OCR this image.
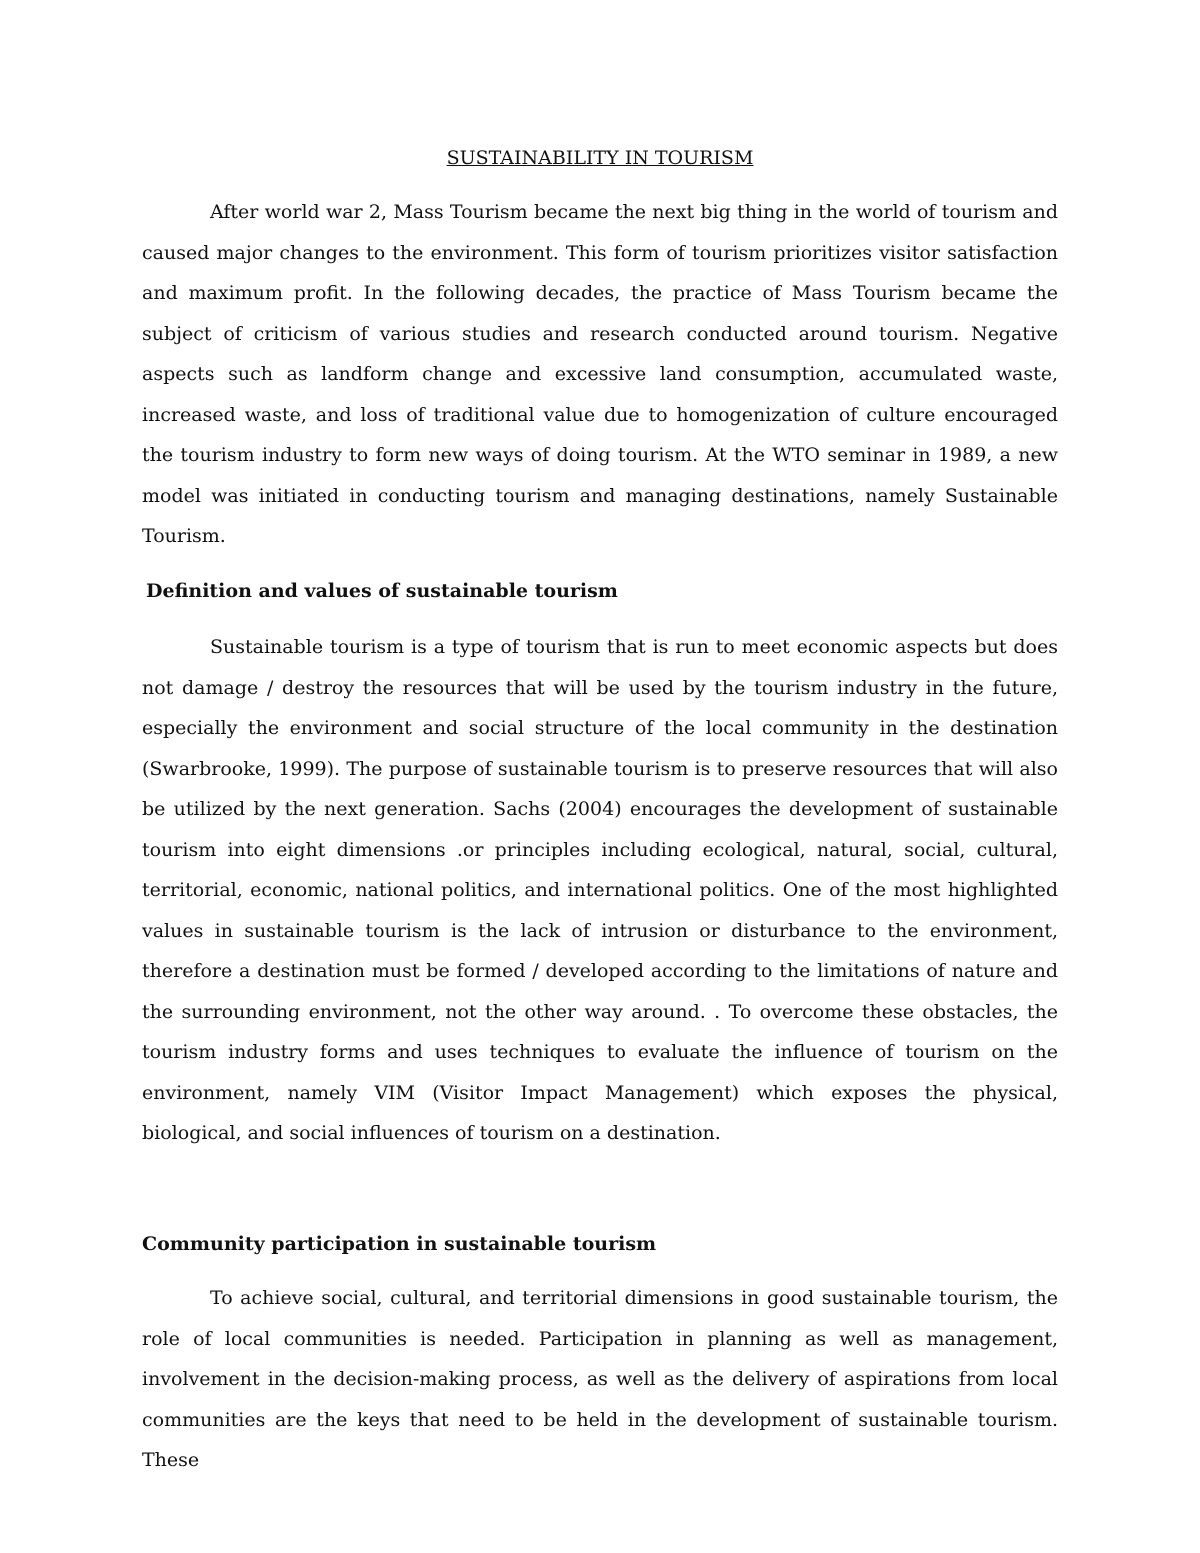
SUSTAINABILITY IN TOURISM

After world war 2, Mass Tourism became the next big thing in the world of tourism and caused major changes to the environment. This form of tourism prioritizes visitor satisfaction and maximum profit. In the following decades, the practice of Mass Tourism became the subject of criticism of various studies and research conducted around tourism. Negative aspects such as landform change and excessive land consumption, accumulated waste, increased waste, and loss of traditional value due to homogenization of culture encouraged the tourism industry to form new ways of doing tourism. At the WTO seminar in 1989, a new model was initiated in conducting tourism and managing destinations, namely Sustainable Tourism.

Definition and values of sustainable tourism

Sustainable tourism is a type of tourism that is run to meet economic aspects but does not damage / destroy the resources that will be used by the tourism industry in the future, especially the environment and social structure of the local community in the destination (Swarbrooke, 1999). The purpose of sustainable tourism is to preserve resources that will also be utilized by the next generation. Sachs (2004) encourages the development of sustainable tourism into eight dimensions .or principles including ecological, natural, social, cultural, territorial, economic, national politics, and international politics. One of the most highlighted values in sustainable tourism is the lack of intrusion or disturbance to the environment, therefore a destination must be formed / developed according to the limitations of nature and the surrounding environment, not the other way around. . To overcome these obstacles, the tourism industry forms and uses techniques to evaluate the influence of tourism on the environment, namely VIM (Visitor Impact Management) which exposes the physical, biological, and social influences of tourism on a destination.

Community participation in sustainable tourism

To achieve social, cultural, and territorial dimensions in good sustainable tourism, the role of local communities is needed. Participation in planning as well as management, involvement in the decision-making process, as well as the delivery of aspirations from local communities are the keys that need to be held in the development of sustainable tourism. These
